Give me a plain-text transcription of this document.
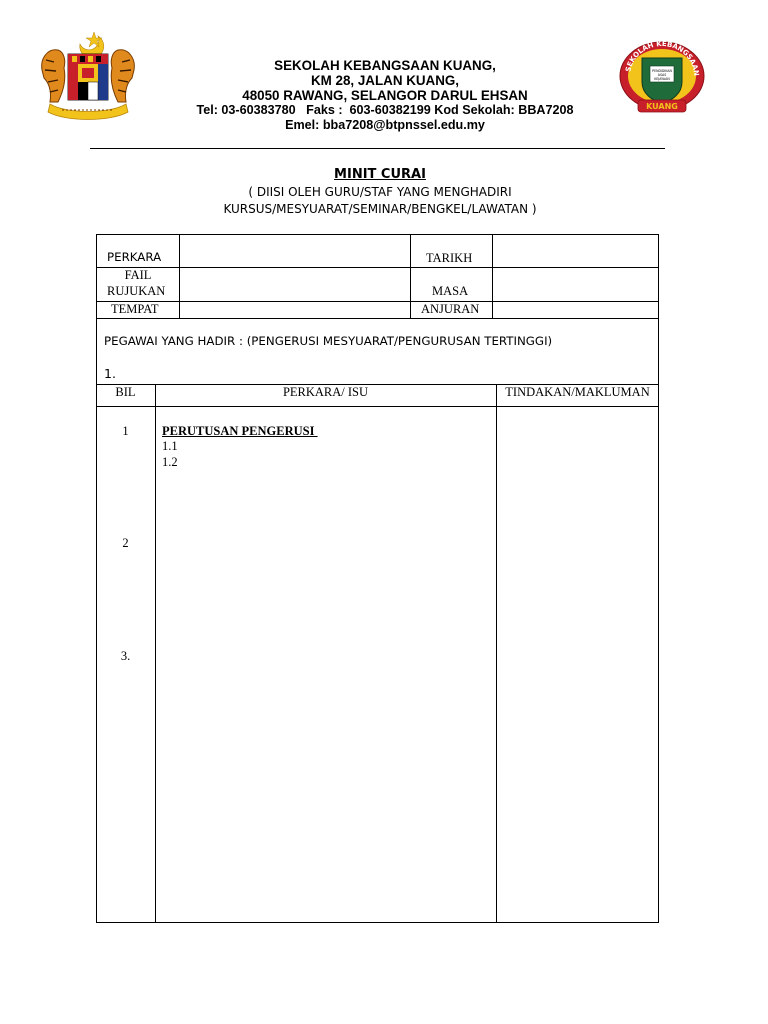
SEKOLAH KEBANGSAAN KUANG,
KM 28, JALAN KUANG,
48050 RAWANG, SELANGOR DARUL EHSAN
Tel: 03-60383780   Faks :  603-60382199 Kod Sekolah: BBA7208
Emel: bba7208@btpnssel.edu.my
PENDIDIKAN
ASAS
KEJAYAAN
SEKOLAH KEBANGSAAN
KUANG
MINIT CURAI
( DIISI OLEH GURU/STAF YANG MENGHADIRI
KURSUS/MESYUARAT/SEMINAR/BENGKEL/LAWATAN )
PERKARA	TARIKH
FAIL
RUJUKAN	MASA
TEMPAT	ANJURAN
PEGAWAI YANG HADIR : (PENGERUSI MESYUARAT/PENGURUSAN TERTINGGI)
1.
BIL	PERKARA/ ISU	TINDAKAN/MAKLUMAN
1	PERUTUSAN PENGERUSI
1.1
1.2
2
3.
